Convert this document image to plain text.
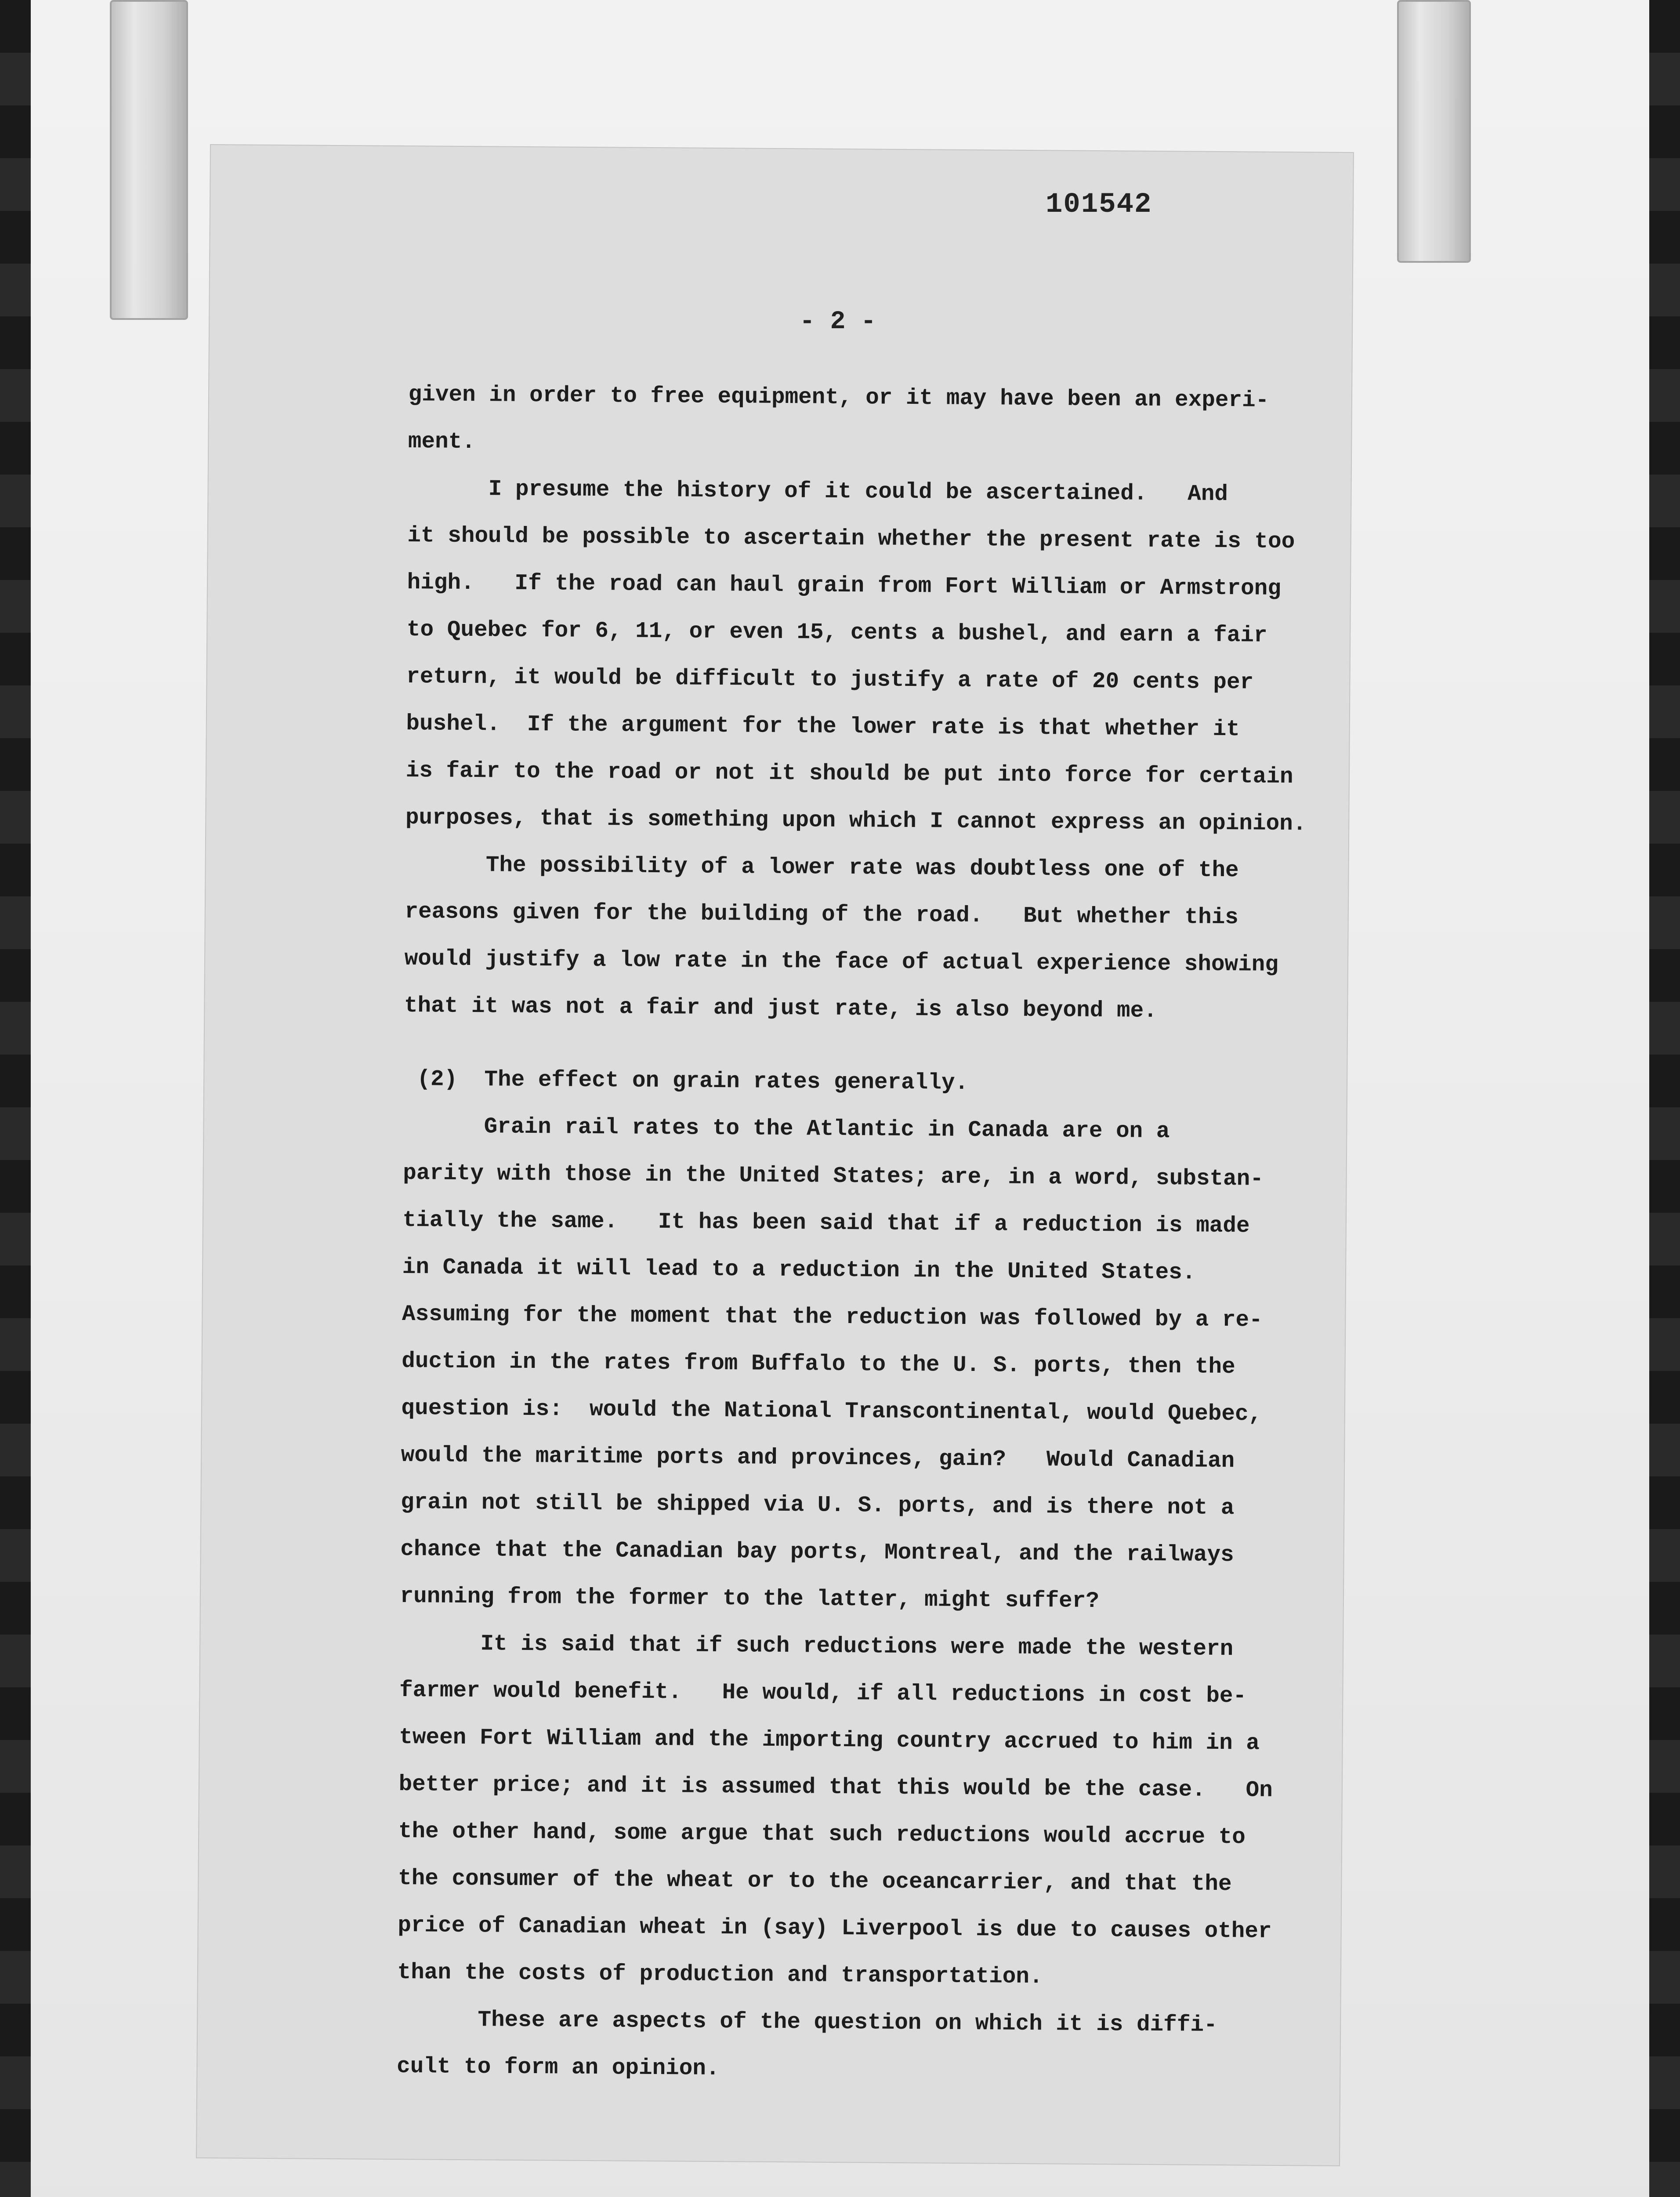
101542
- 2 -
given in order to free equipment, or it may have been an experi-
ment.
I presume the history of it could be ascertained.   And
it should be possible to ascertain whether the present rate is too
high.   If the road can haul grain from Fort William or Armstrong
to Quebec for 6, 11, or even 15, cents a bushel, and earn a fair
return, it would be difficult to justify a rate of 20 cents per
bushel.  If the argument for the lower rate is that whether it
is fair to the road or not it should be put into force for certain
purposes, that is something upon which I cannot express an opinion.
The possibility of a lower rate was doubtless one of the
reasons given for the building of the road.   But whether this
would justify a low rate in the face of actual experience showing
that it was not a fair and just rate, is also beyond me.
(2)  The effect on grain rates generally.
Grain rail rates to the Atlantic in Canada are on a
parity with those in the United States; are, in a word, substan-
tially the same.   It has been said that if a reduction is made
in Canada it will lead to a reduction in the United States.
Assuming for the moment that the reduction was followed by a re-
duction in the rates from Buffalo to the U. S. ports, then the
question is:  would the National Transcontinental, would Quebec,
would the maritime ports and provinces, gain?   Would Canadian
grain not still be shipped via U. S. ports, and is there not a
chance that the Canadian bay ports, Montreal, and the railways
running from the former to the latter, might suffer?
It is said that if such reductions were made the western
farmer would benefit.   He would, if all reductions in cost be-
tween Fort William and the importing country accrued to him in a
better price; and it is assumed that this would be the case.   On
the other hand, some argue that such reductions would accrue to
the consumer of the wheat or to the oceancarrier, and that the
price of Canadian wheat in (say) Liverpool is due to causes other
than the costs of production and transportation.
These are aspects of the question on which it is diffi-
cult to form an opinion.
